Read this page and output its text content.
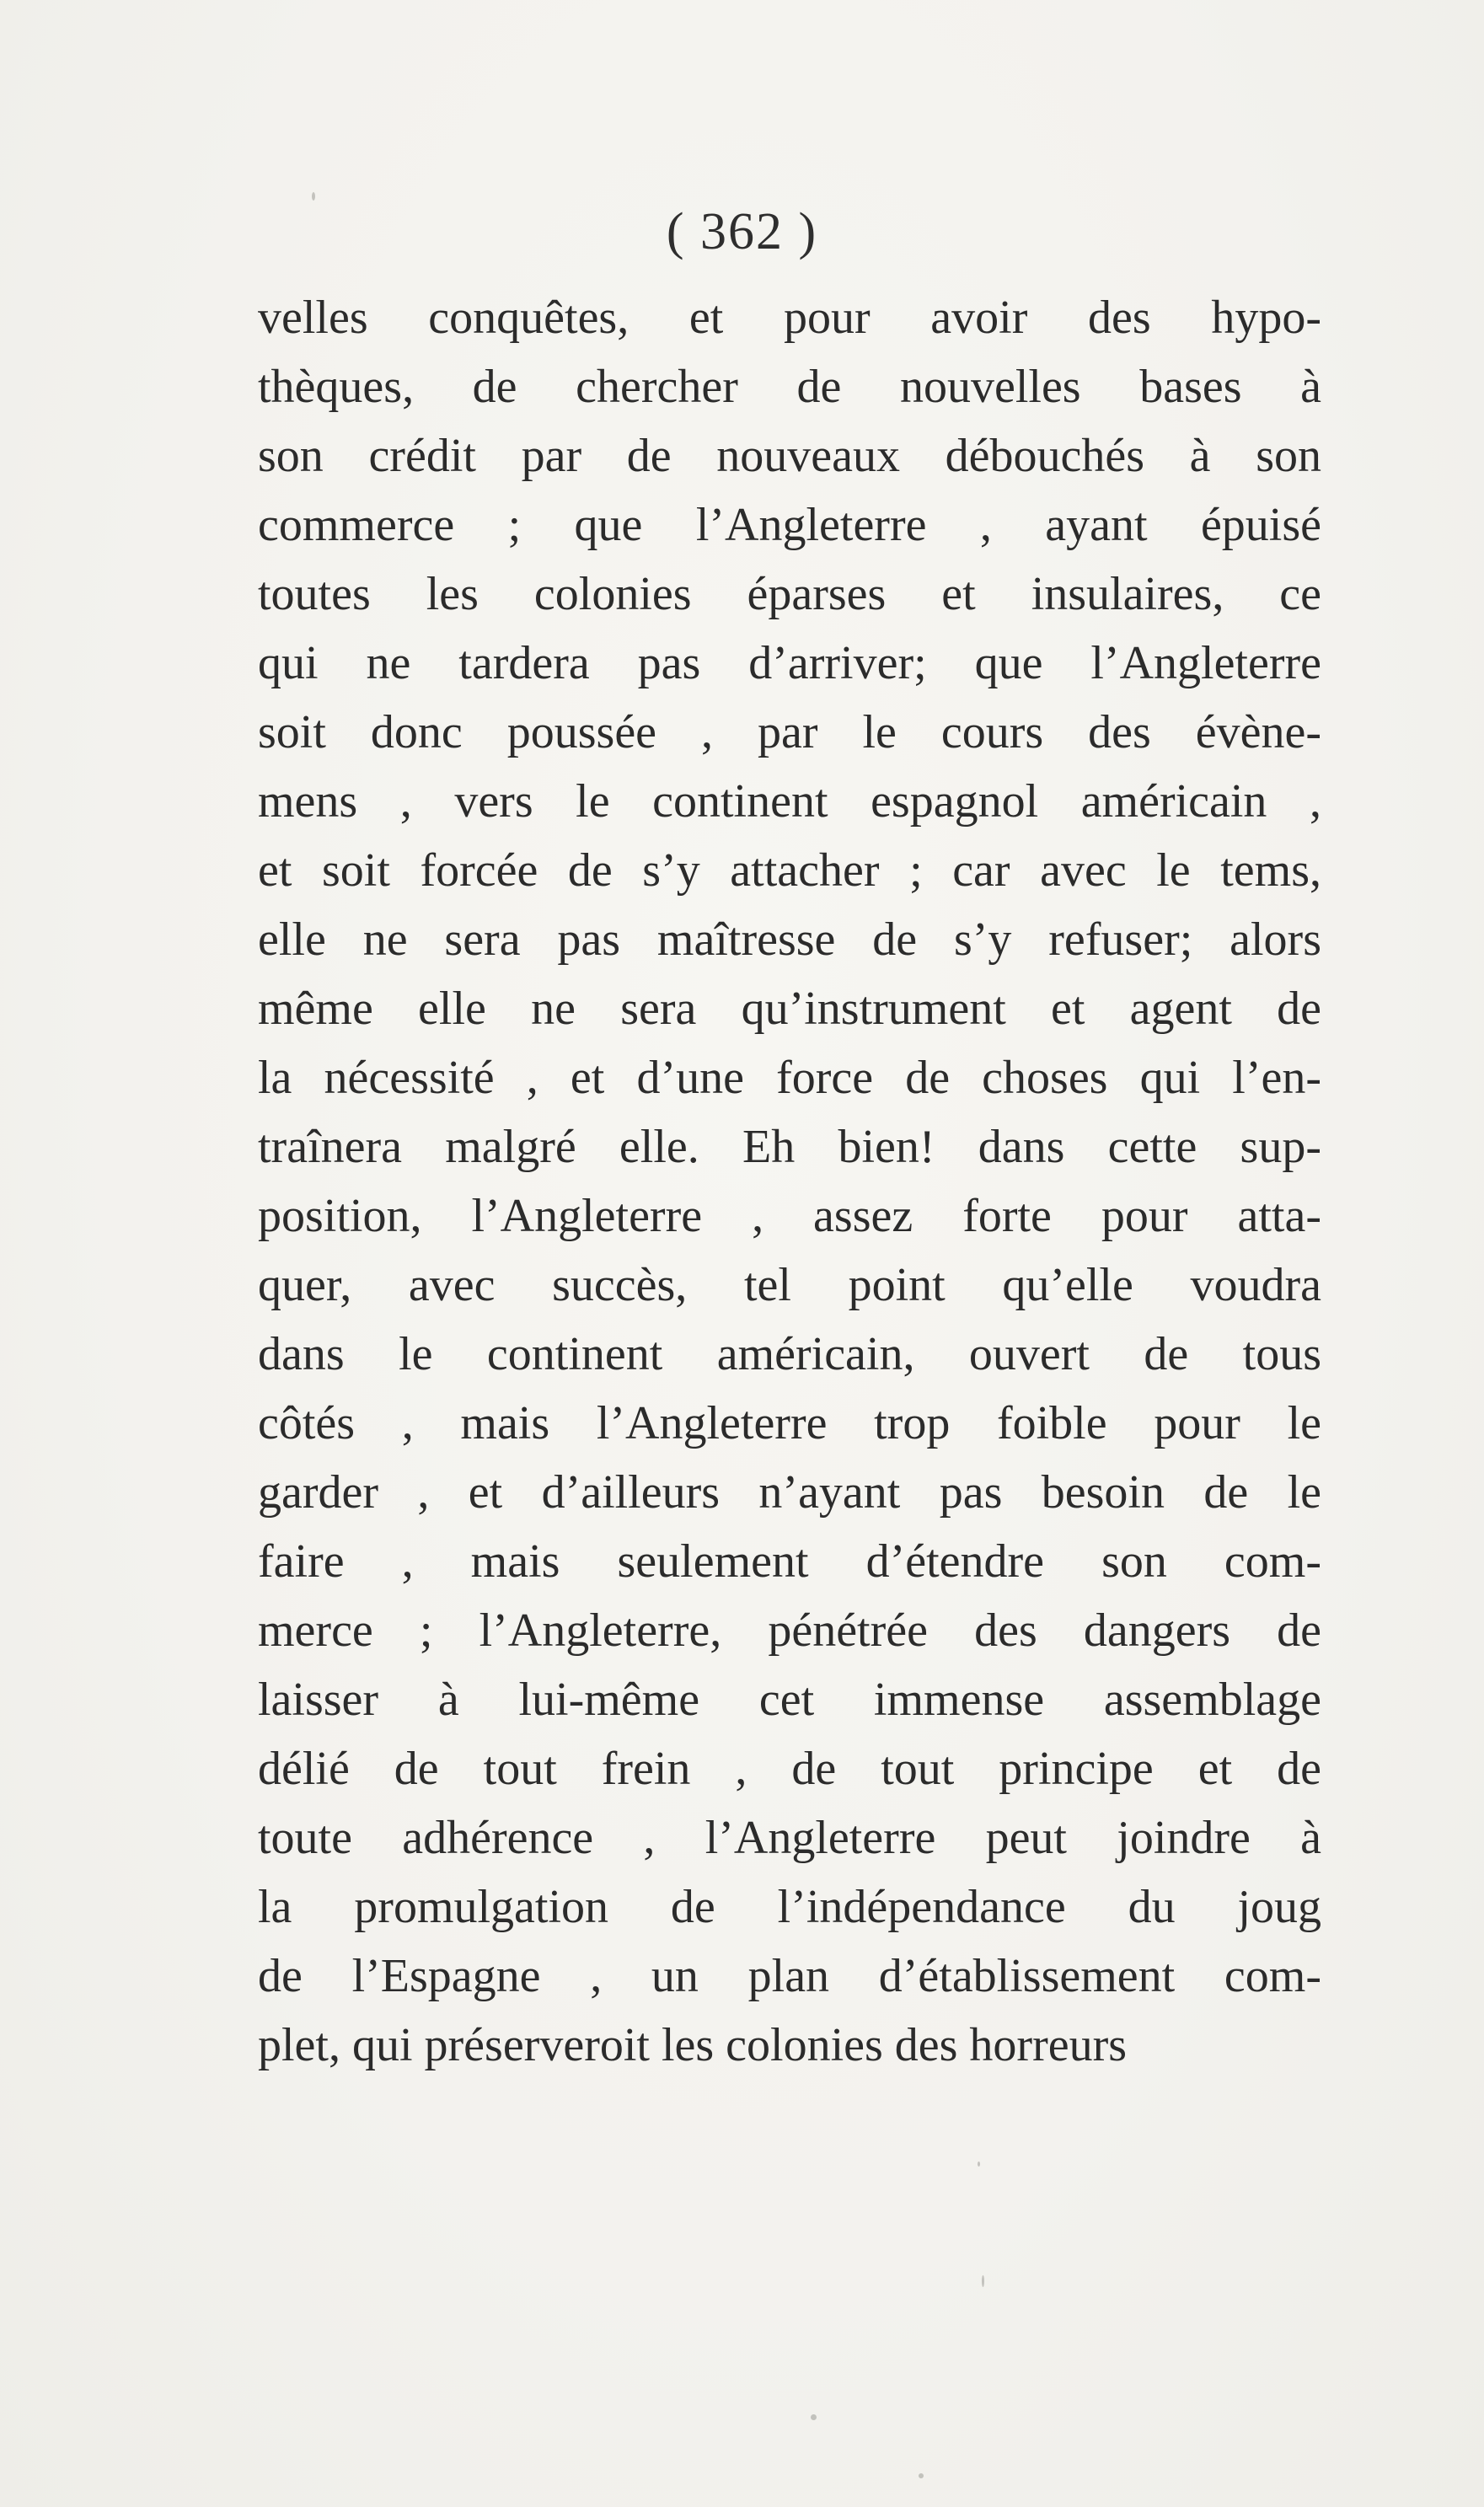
( 362 )
velles conquêtes, et pour avoir des hypo-
thèques, de chercher de nouvelles bases à
son crédit par de nouveaux débouchés à son
commerce ; que l’Angleterre , ayant épuisé
toutes les colonies éparses et insulaires, ce
qui ne tardera pas d’arriver; que l’Angleterre
soit donc poussée , par le cours des évène-
mens , vers le continent espagnol américain ,
et soit forcée de s’y attacher ; car avec le tems,
elle ne sera pas maîtresse de s’y refuser; alors
même elle ne sera qu’instrument et agent de
la nécessité , et d’une force de choses qui l’en-
traînera malgré elle. Eh bien! dans cette sup-
position, l’Angleterre , assez forte pour atta-
quer, avec succès, tel point qu’elle voudra
dans le continent américain, ouvert de tous
côtés , mais l’Angleterre trop foible pour le
garder , et d’ailleurs n’ayant pas besoin de le
faire , mais seulement d’étendre son com-
merce ; l’Angleterre, pénétrée des dangers de
laisser à lui-même cet immense assemblage
délié de tout frein , de tout principe et de
toute adhérence , l’Angleterre peut joindre à
la promulgation de l’indépendance du joug
de l’Espagne , un plan d’établissement com-
plet, qui préserveroit les colonies des horreurs
